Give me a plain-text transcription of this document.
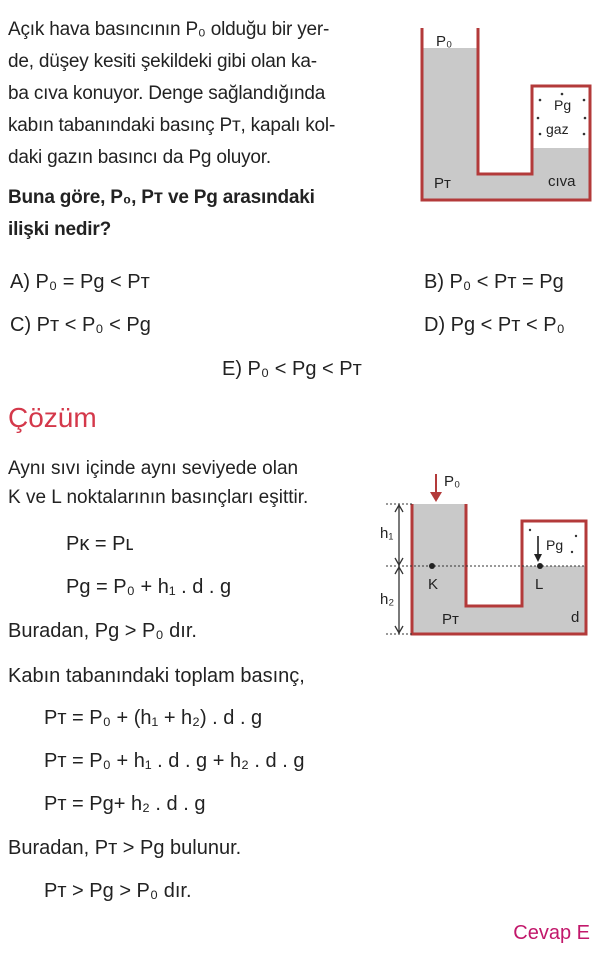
Açık hava basıncının P₀ olduğu bir yer-
de, düşey kesiti şekildeki gibi olan ka-
ba cıva konuyor. Denge sağlandığında
kabın tabanındaki basınç Pᴛ, kapalı kol-
daki gazın basıncı da Pg oluyor.
Buna göre, P₀, Pᴛ ve Pg arasındaki
ilişki nedir?
P₀
Pg
gaz
Pᴛ	cıva
A) P₀ = Pg < Pᴛ	B) P₀ < Pᴛ = Pg
C) Pᴛ < P₀ < Pg	D) Pg < Pᴛ < P₀
E) P₀ < Pg < Pᴛ
Çözüm
Aynı sıvı içinde aynı seviyede olan
K ve L noktalarının basınçları eşittir.
Pᴋ = Pʟ
Pg = P₀ + h₁ . d . g
Buradan, Pg > P₀ dır.
Kabın tabanındaki toplam basınç,
Pᴛ = P₀ + (h₁ + h₂) . d . g
Pᴛ = P₀ + h₁ . d . g + h₂ . d . g
Pᴛ = Pg+ h₂ . d . g
Buradan, Pᴛ > Pg bulunur.
Pᴛ > Pg > P₀ dır.
P₀
Pg
h₁
h₂
K	L
Pᴛ	d
Cevap E
